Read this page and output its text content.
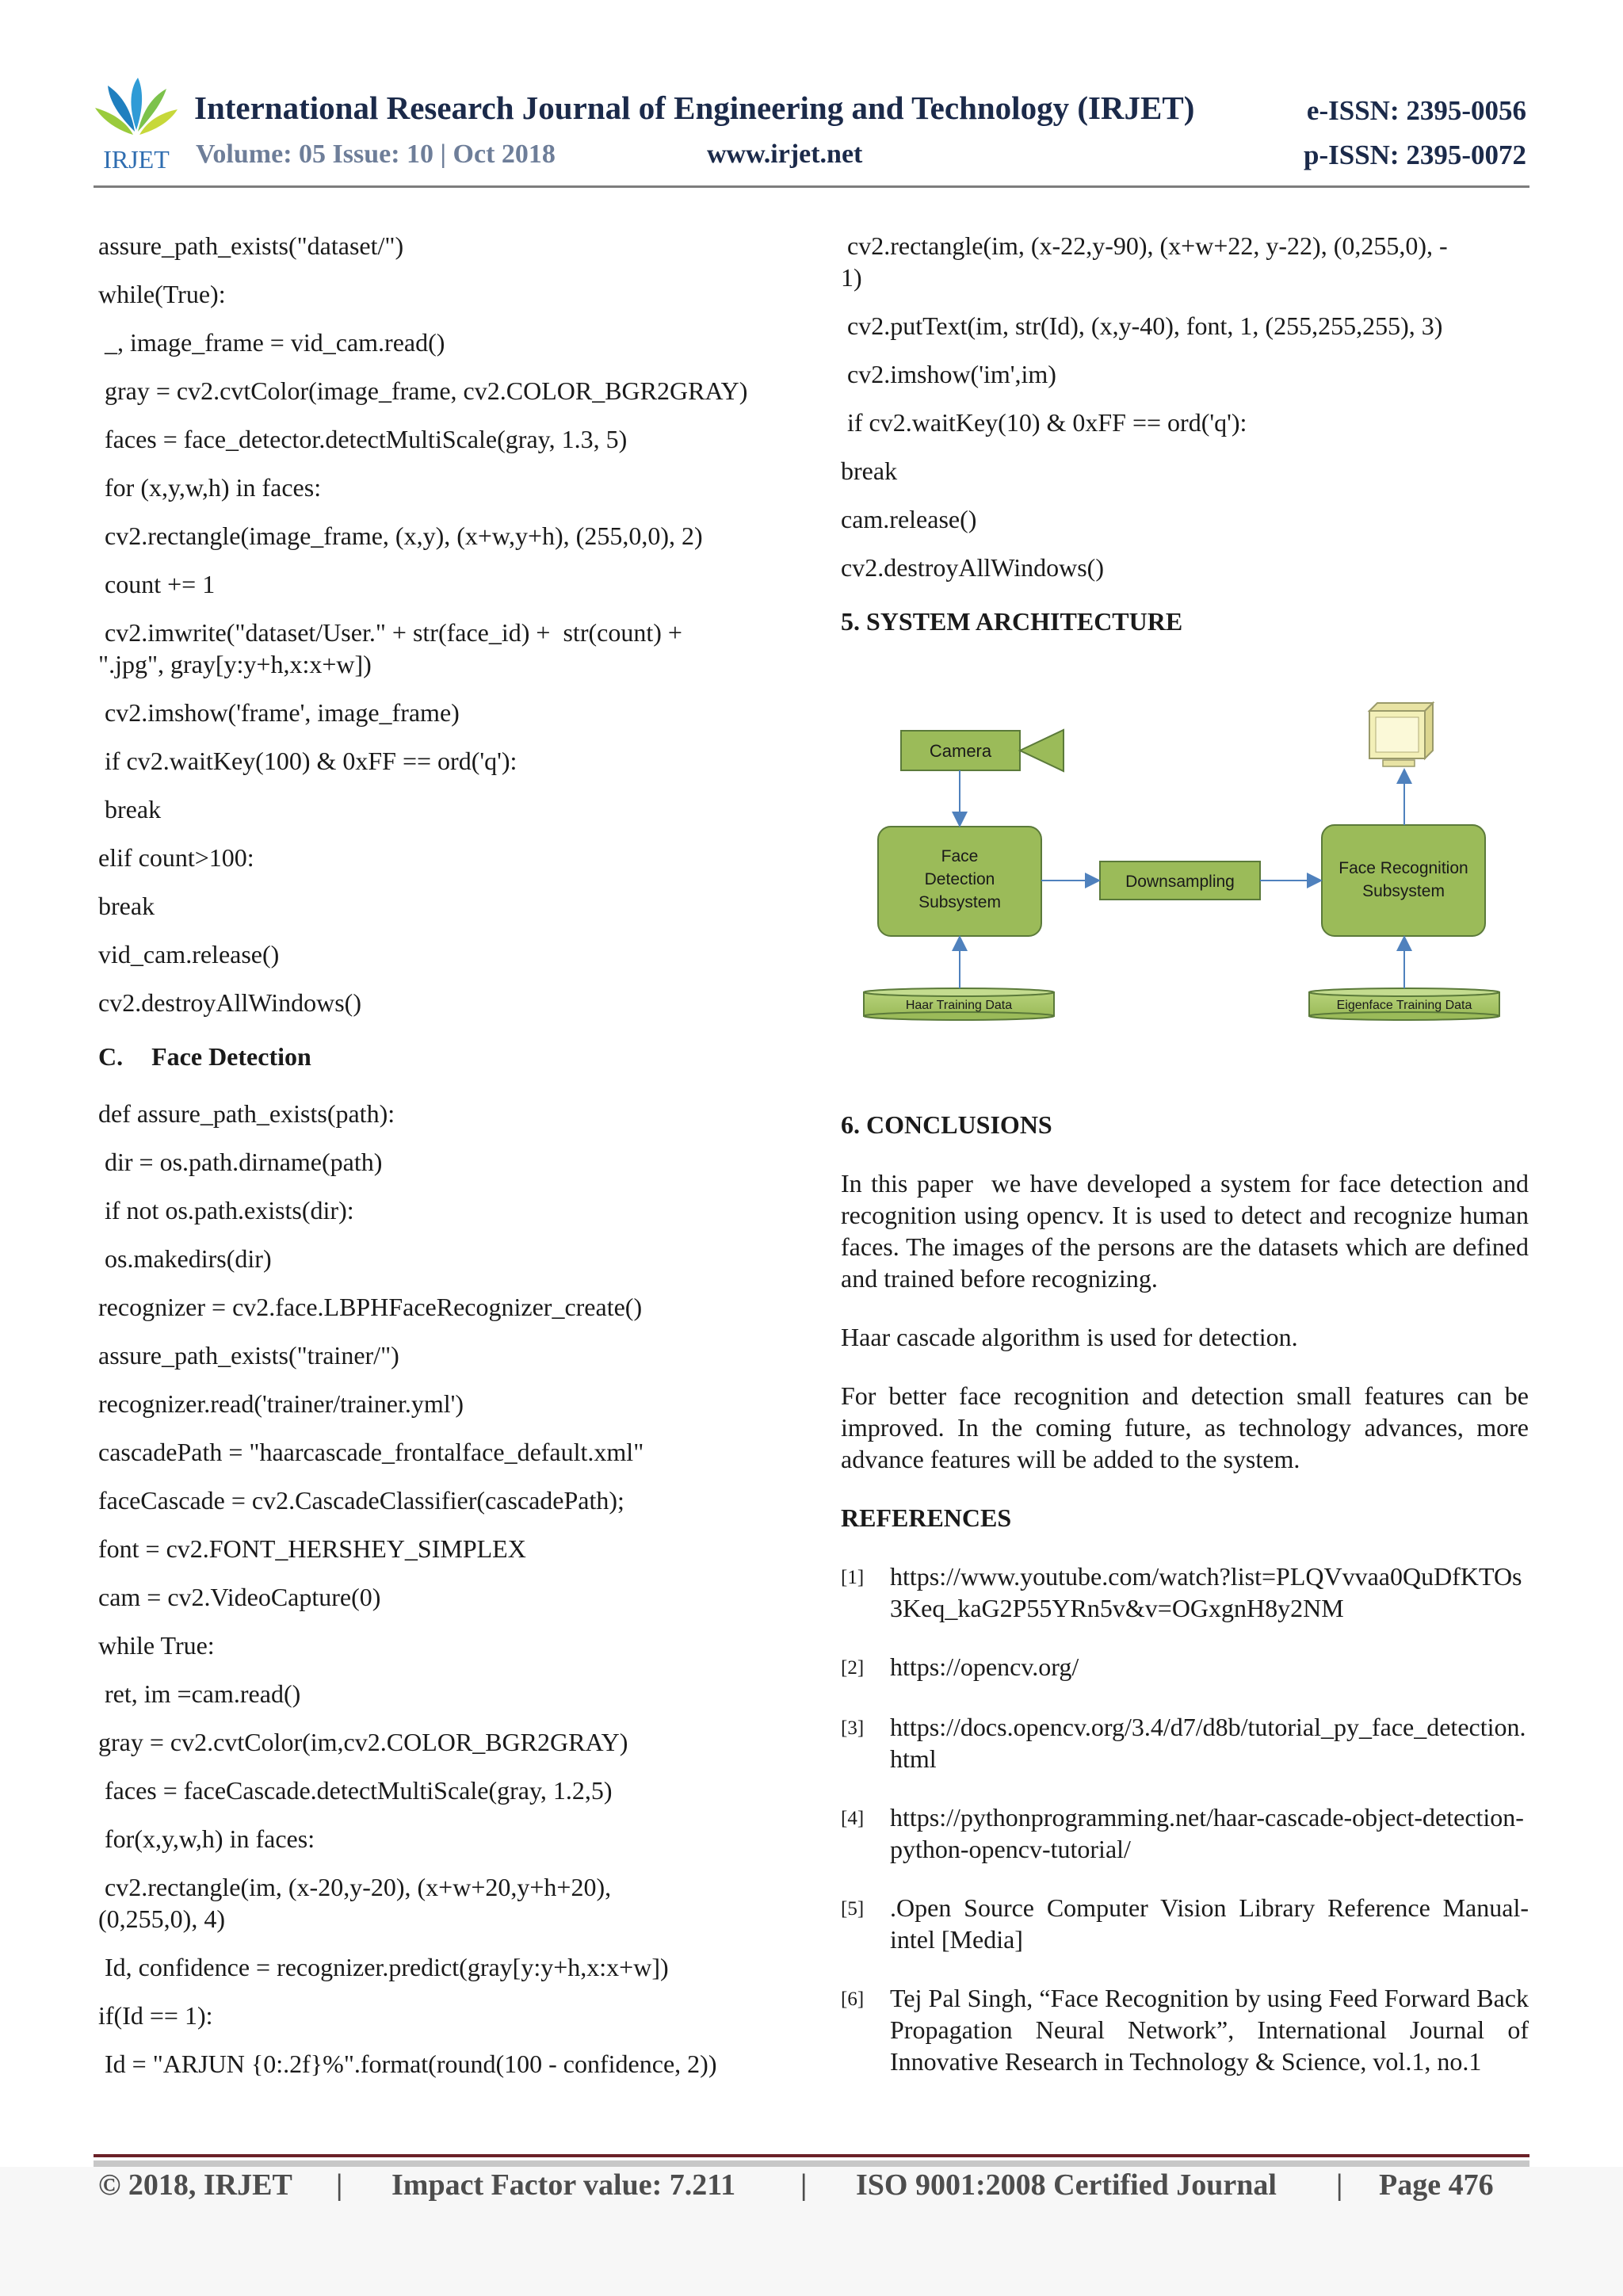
IRJET
International Research Journal of Engineering and Technology (IRJET)
Volume: 05 Issue: 10 | Oct 2018	www.irjet.net
e-ISSN: 2395-0056
p-ISSN: 2395-0072

assure_path_exists("dataset/")

while(True):

_, image_frame = vid_cam.read()

gray = cv2.cvtColor(image_frame, cv2.COLOR_BGR2GRAY)

faces = face_detector.detectMultiScale(gray, 1.3, 5)

for (x,y,w,h) in faces:

cv2.rectangle(image_frame, (x,y), (x+w,y+h), (255,0,0), 2)

count += 1

cv2.imwrite("dataset/User." + str(face_id) +  str(count) +
".jpg", gray[y:y+h,x:x+w])

cv2.imshow('frame', image_frame)

if cv2.waitKey(100) & 0xFF == ord('q'):

break

elif count>100:

break

vid_cam.release()

cv2.destroyAllWindows()

C. Face Detection

def assure_path_exists(path):

dir = os.path.dirname(path)

if not os.path.exists(dir):

os.makedirs(dir)

recognizer = cv2.face.LBPHFaceRecognizer_create()

assure_path_exists("trainer/")

recognizer.read('trainer/trainer.yml')

cascadePath = "haarcascade_frontalface_default.xml"

faceCascade = cv2.CascadeClassifier(cascadePath);

font = cv2.FONT_HERSHEY_SIMPLEX

cam = cv2.VideoCapture(0)

while True:

ret, im =cam.read()

gray = cv2.cvtColor(im,cv2.COLOR_BGR2GRAY)

faces = faceCascade.detectMultiScale(gray, 1.2,5)

for(x,y,w,h) in faces:

cv2.rectangle(im, (x-20,y-20), (x+w+20,y+h+20),
(0,255,0), 4)

Id, confidence = recognizer.predict(gray[y:y+h,x:x+w])

if(Id == 1):

Id = "ARJUN {0:.2f}%".format(round(100 - confidence, 2))

cv2.rectangle(im, (x-22,y-90), (x+w+22, y-22), (0,255,0), -
1)

cv2.putText(im, str(Id), (x,y-40), font, 1, (255,255,255), 3)

cv2.imshow('im',im)

if cv2.waitKey(10) & 0xFF == ord('q'):

break

cam.release()

cv2.destroyAllWindows()

5. SYSTEM ARCHITECTURE

Camera
Face
Detection
Subsystem
Downsampling
Face Recognition
Subsystem
Haar Training Data	Eigenface Training Data

6. CONCLUSIONS

In this paper  we have developed a system for face detection and recognition using opencv. It is used to detect and recognize human faces. The images of the persons are the datasets which are defined and trained before recognizing.

Haar cascade algorithm is used for detection.

For better face recognition and detection small features can be improved. In the coming future, as technology advances, more advance features will be added to the system.

REFERENCES

[1]	https://www.youtube.com/watch?list=PLQVvvaa0QuDfKTOs3Keq_kaG2P55YRn5v&v=OGxgnH8y2NM
[2]	https://opencv.org/
[3]	https://docs.opencv.org/3.4/d7/d8b/tutorial_py_face_detection.html
[4]	https://pythonprogramming.net/haar-cascade-object-detection-python-opencv-tutorial/
[5]	.Open Source Computer Vision Library Reference Manual-intel [Media]
[6]	Tej Pal Singh, “Face Recognition by using Feed Forward Back Propagation Neural Network”, International Journal of Innovative Research in Technology & Science, vol.1, no.1
© 2018, IRJET | Impact Factor value: 7.211 | ISO 9001:2008 Certified Journal | Page 476
